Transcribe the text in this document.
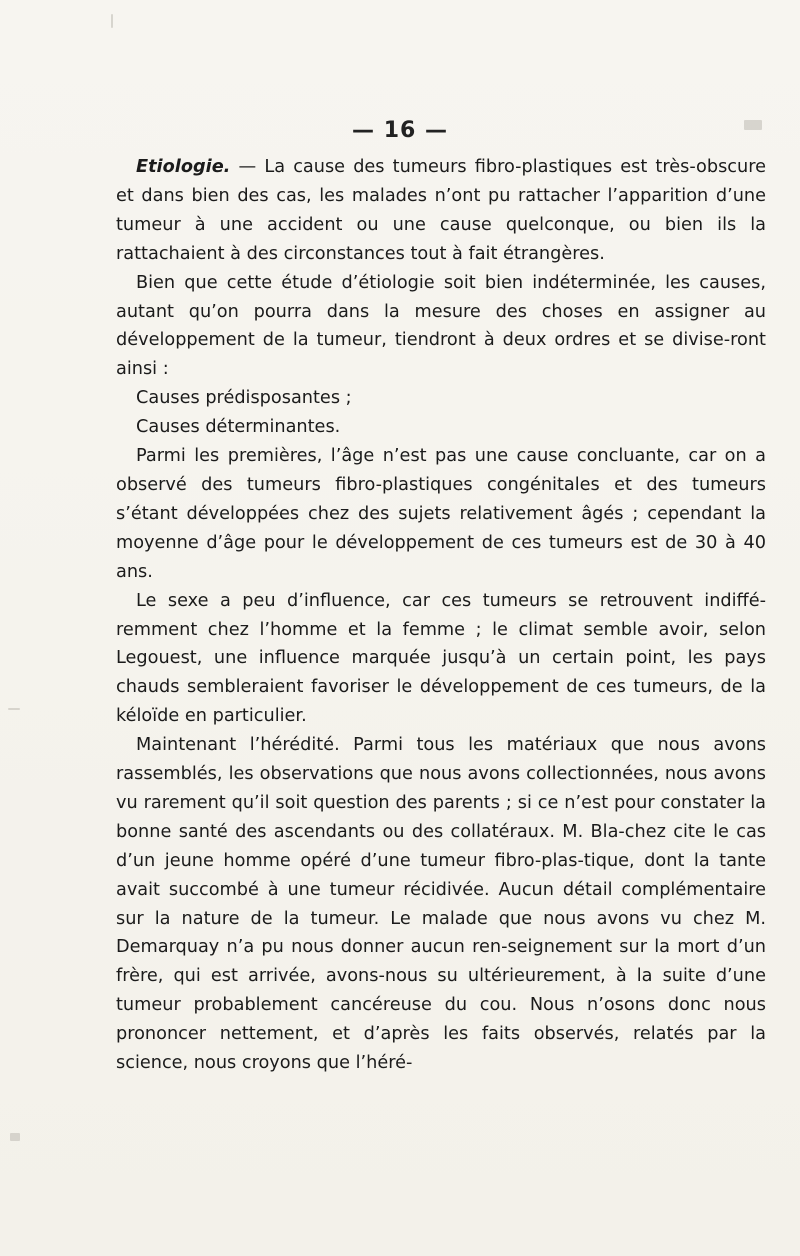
— 16 —

Etiologie. — La cause des tumeurs fibro-plastiques est très-obscure et dans bien des cas, les malades n’ont pu rattacher l’apparition d’une tumeur à une accident ou une cause quelconque, ou bien ils la rattachaient à des circonstances tout à fait étrangères.

Bien que cette étude d’étiologie soit bien indéterminée, les causes, autant qu’on pourra dans la mesure des choses en assigner au développement de la tumeur, tiendront à deux ordres et se divise-ront ainsi :

Causes prédisposantes ;

Causes déterminantes.

Parmi les premières, l’âge n’est pas une cause concluante, car on a observé des tumeurs fibro-plastiques congénitales et des tumeurs s’étant développées chez des sujets relativement âgés ; cependant la moyenne d’âge pour le développement de ces tumeurs est de 30 à 40 ans.

Le sexe a peu d’influence, car ces tumeurs se retrouvent indiffé-remment chez l’homme et la femme ; le climat semble avoir, selon Legouest, une influence marquée jusqu’à un certain point, les pays chauds sembleraient favoriser le développement de ces tumeurs, de la kéloïde en particulier.

Maintenant l’hérédité. Parmi tous les matériaux que nous avons rassemblés, les observations que nous avons collectionnées, nous avons vu rarement qu’il soit question des parents ; si ce n’est pour constater la bonne santé des ascendants ou des collatéraux. M. Bla-chez cite le cas d’un jeune homme opéré d’une tumeur fibro-plas-tique, dont la tante avait succombé à une tumeur récidivée. Aucun détail complémentaire sur la nature de la tumeur. Le malade que nous avons vu chez M. Demarquay n’a pu nous donner aucun ren-seignement sur la mort d’un frère, qui est arrivée, avons-nous su ultérieurement, à la suite d’une tumeur probablement cancéreuse du cou. Nous n’osons donc nous prononcer nettement, et d’après les faits observés, relatés par la science, nous croyons que l’héré-
